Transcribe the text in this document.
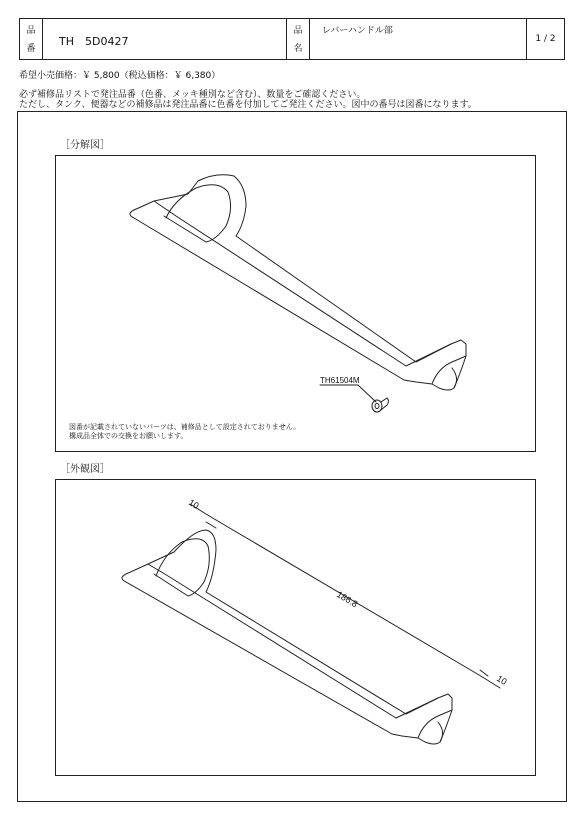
品
番
TH　5D0427
品
名
レバーハンドル部
1 / 2
希望小売価格：￥ 5,800（税込価格：￥ 6,380）
必ず補修品リストで発注品番（色番、メッキ種別など含む）、数量をご確認ください。
ただし、タンク、便器などの補修品は発注品番に色番を付加してご発注ください。図中の番号は図番になります。
［分解図］
TH61504M
図番が記載されていないパーツは、補修品として設定されておりません。
構成品全体での交換をお願いします。
［外観図］
10
186.8
10
